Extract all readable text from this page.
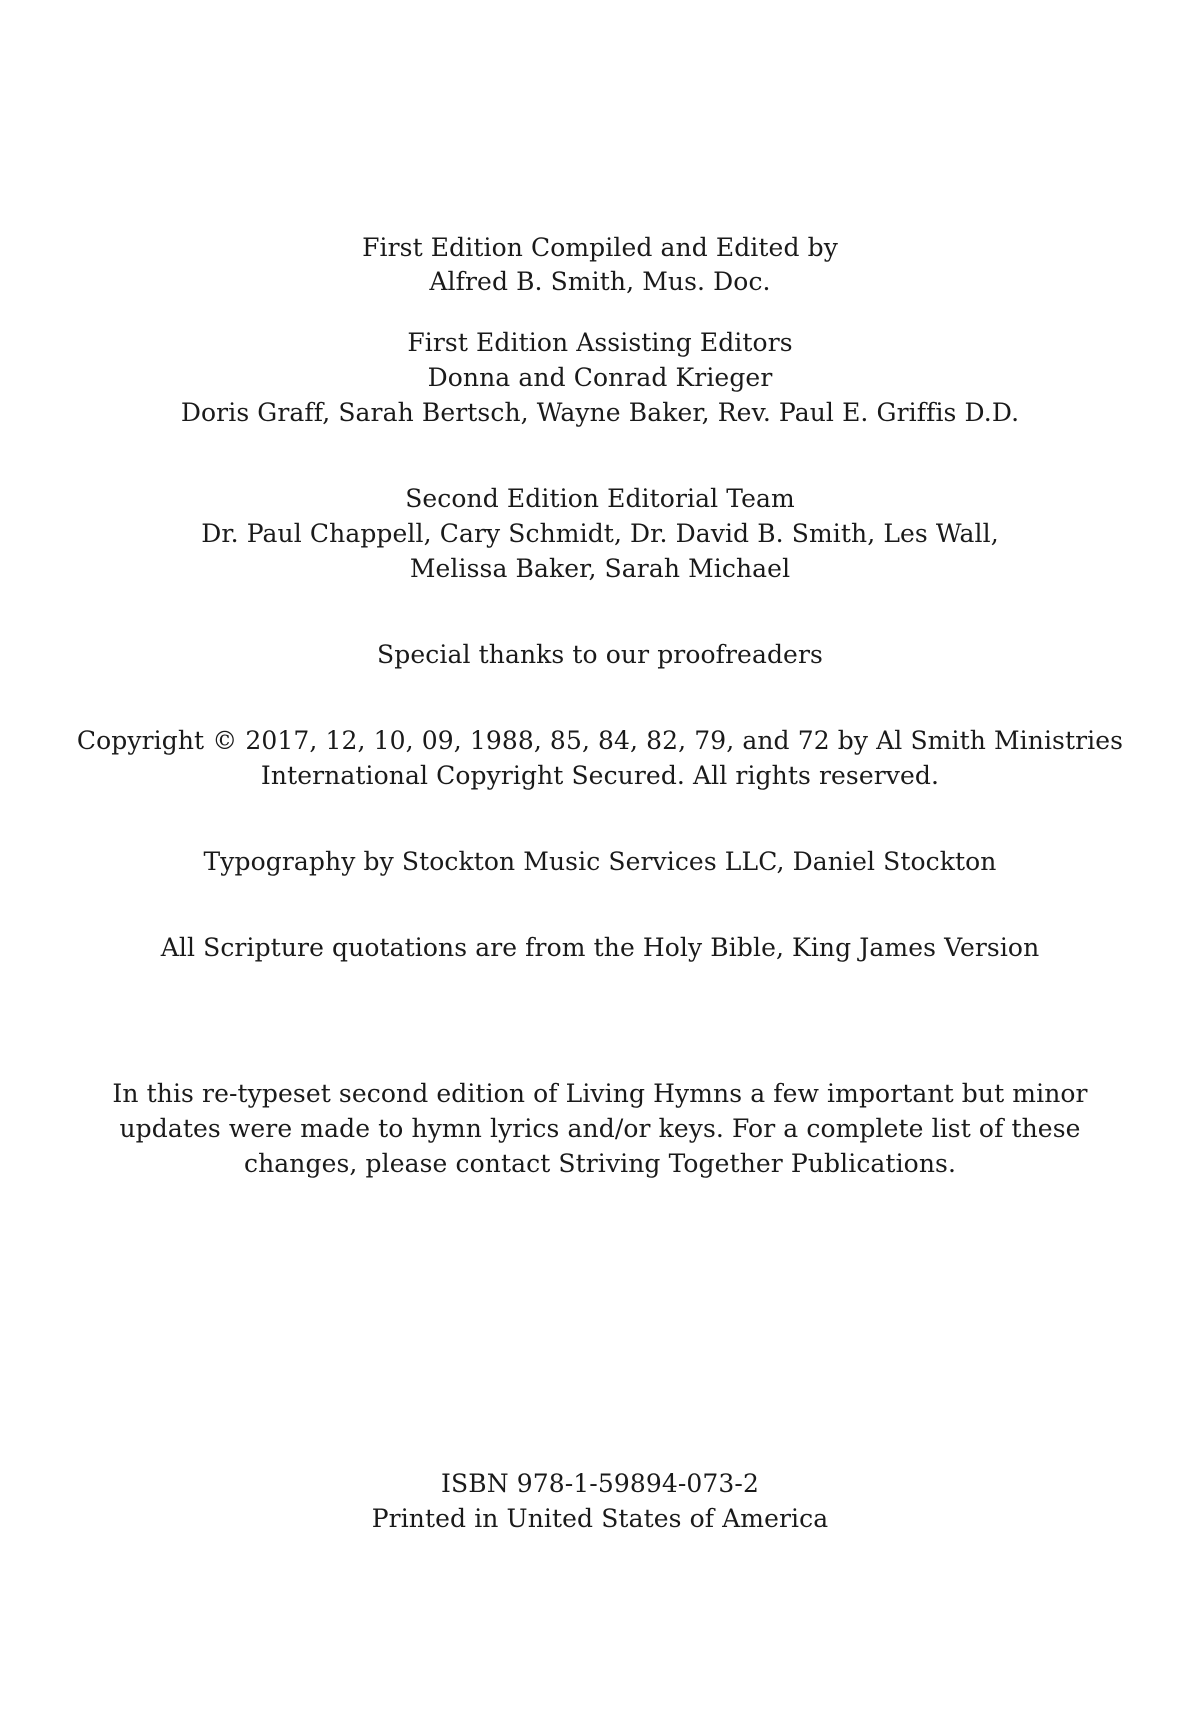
First Edition Compiled and Edited by
Alfred B. Smith, Mus. Doc.
First Edition Assisting Editors
Donna and Conrad Krieger
Doris Graff, Sarah Bertsch, Wayne Baker, Rev. Paul E. Griffis D.D.
Second Edition Editorial Team
Dr. Paul Chappell, Cary Schmidt, Dr. David B. Smith, Les Wall,
Melissa Baker, Sarah Michael
Special thanks to our proofreaders
Copyright © 2017, 12, 10, 09, 1988, 85, 84, 82, 79, and 72 by Al Smith Ministries
International Copyright Secured. All rights reserved.
Typography by Stockton Music Services LLC, Daniel Stockton
All Scripture quotations are from the Holy Bible, King James Version
In this re-typeset second edition of Living Hymns a few important but minor
updates were made to hymn lyrics and/or keys. For a complete list of these
changes, please contact Striving Together Publications.
ISBN 978-1-59894-073-2
Printed in United States of America
